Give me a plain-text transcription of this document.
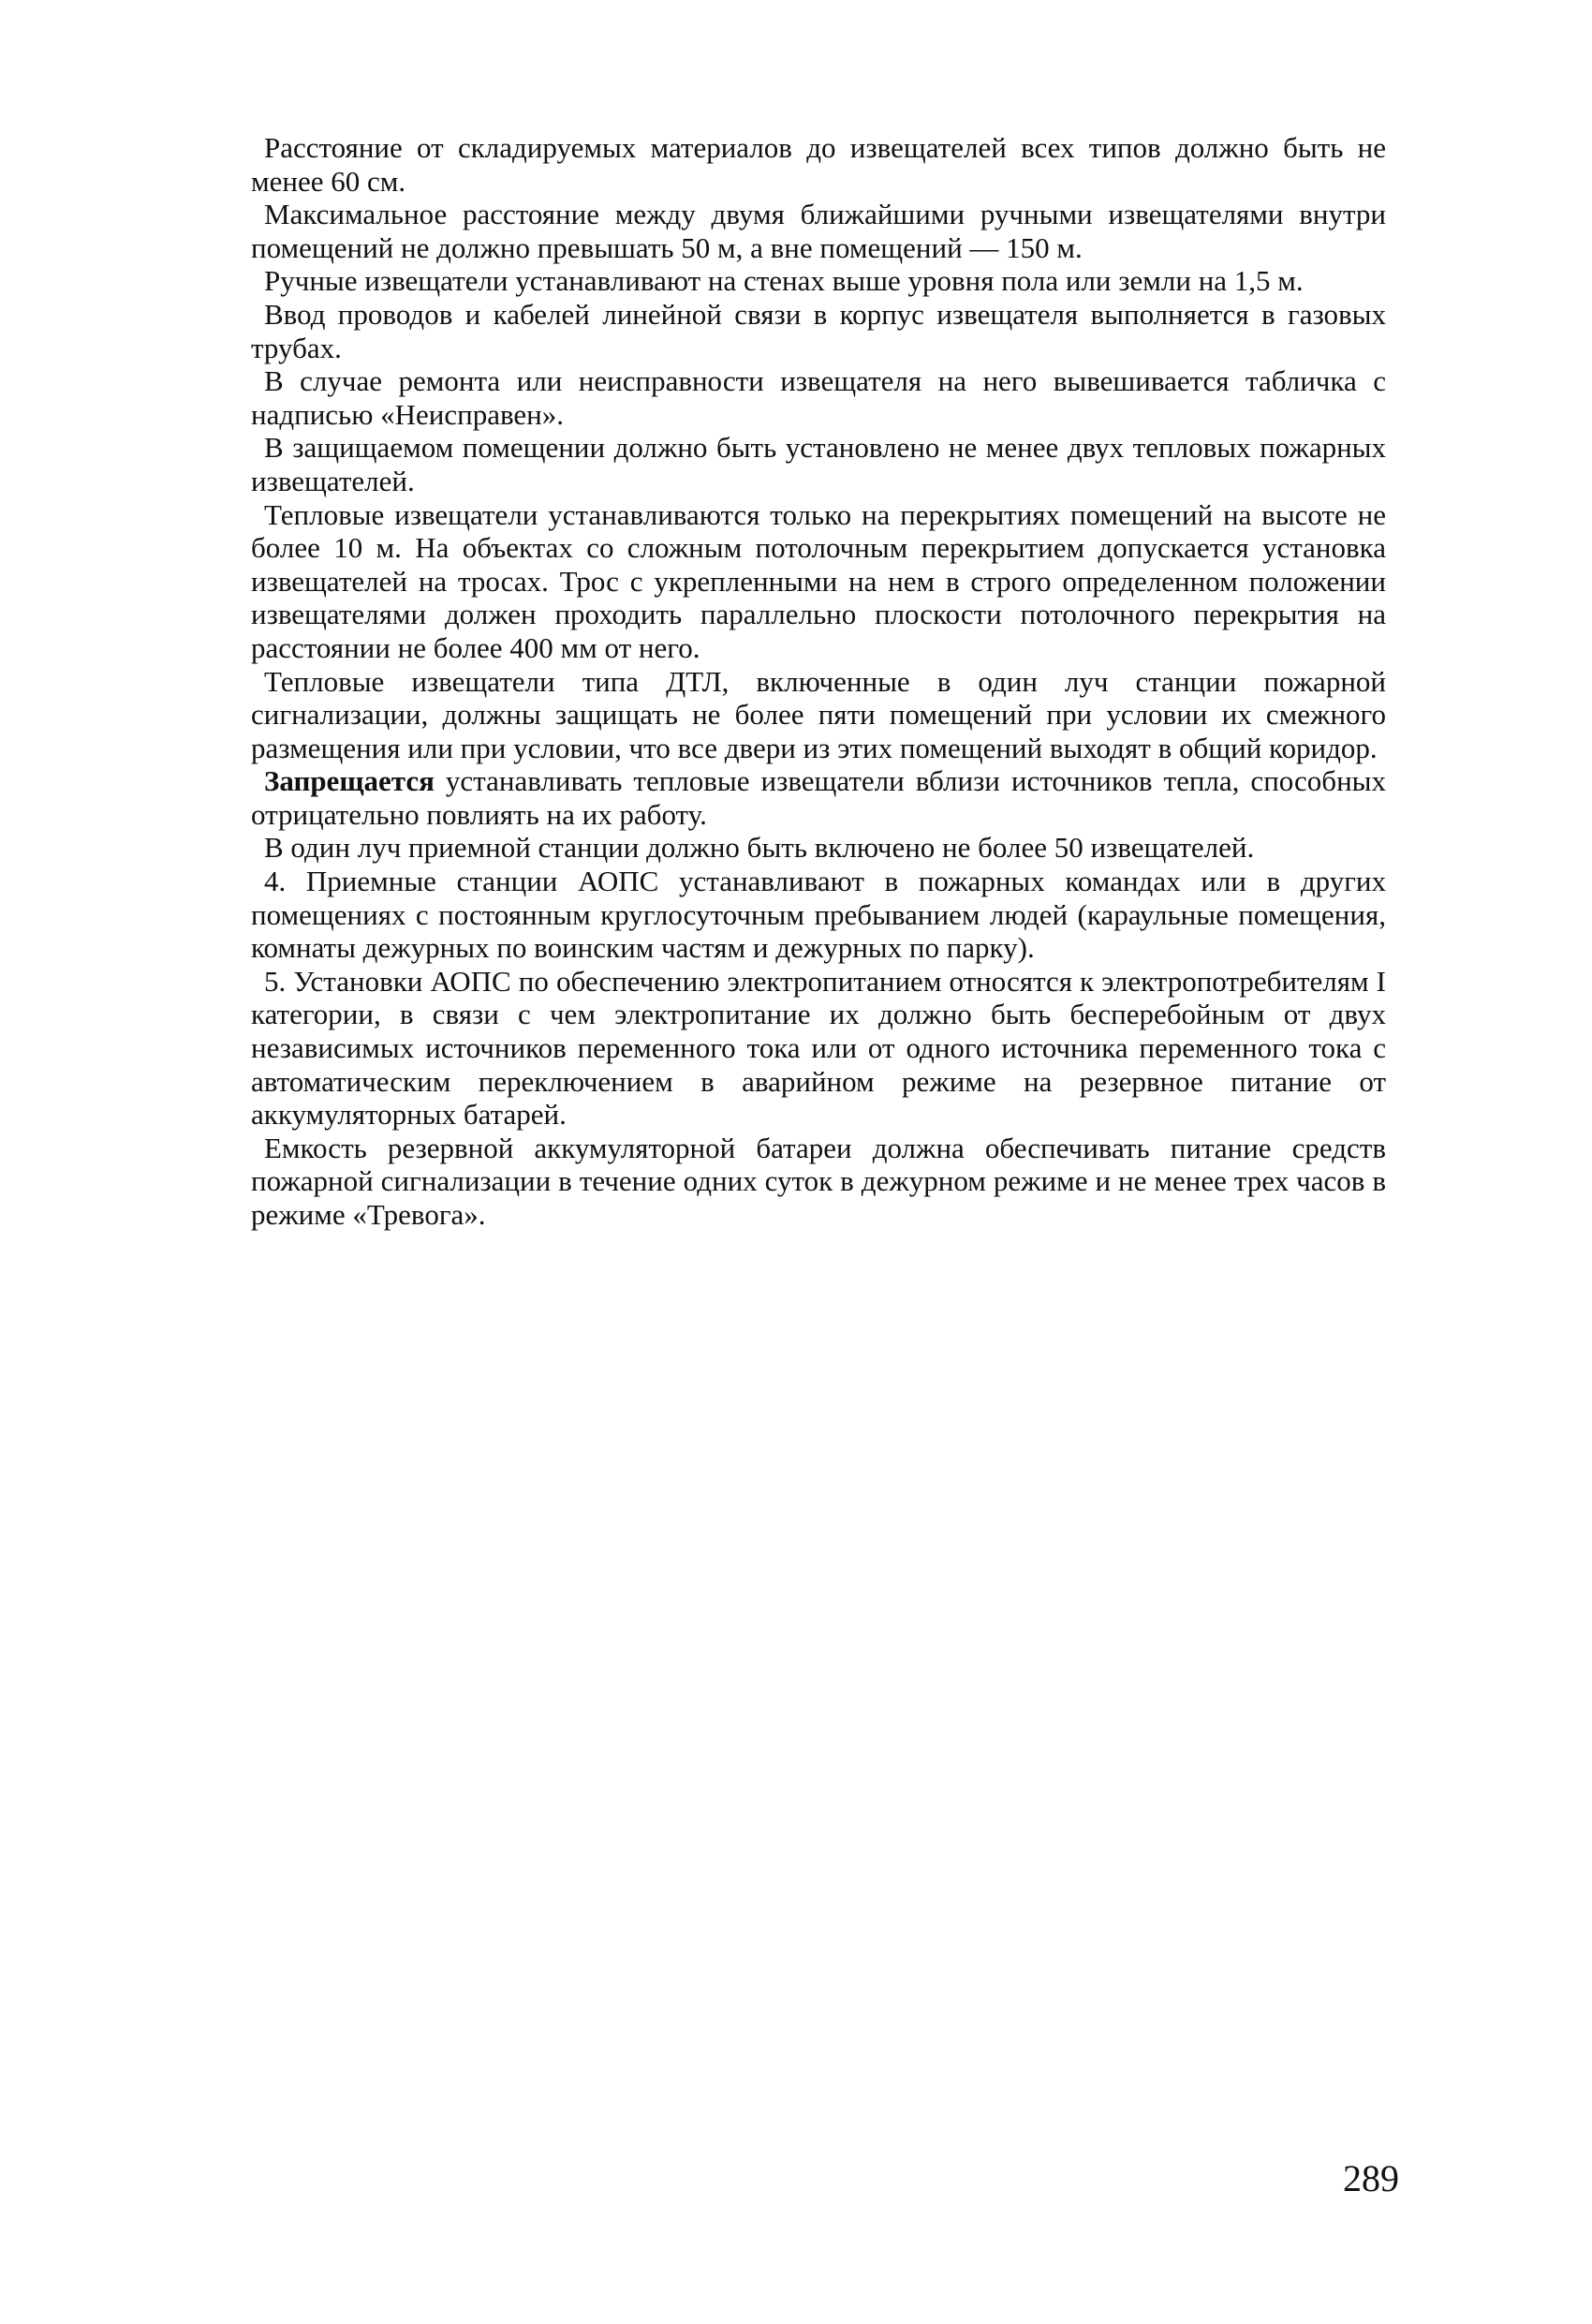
Расстояние от складируемых материалов до извещателей всех типов должно быть не менее 60 см.

Максимальное расстояние между двумя ближайшими ручными извещателями внутри помещений не должно превышать 50 м, а вне помещений — 150 м.

Ручные извещатели устанавливают на стенах выше уровня пола или земли на 1,5 м.

Ввод проводов и кабелей линейной связи в корпус извещателя выполняется в газовых трубах.

В случае ремонта или неисправности извещателя на него вывешивается табличка с надписью «Неисправен».

В защищаемом помещении должно быть установлено не менее двух тепловых пожарных извещателей.

Тепловые извещатели устанавливаются только на перекрытиях помещений на высоте не более 10 м. На объектах со сложным потолочным перекрытием допускается установка извещателей на тросах. Трос с укрепленными на нем в строго определенном положении извещателями должен проходить параллельно плоскости потолочного перекрытия на расстоянии не более 400 мм от него.

Тепловые извещатели типа ДТЛ, включенные в один луч станции пожарной сигнализации, должны защищать не более пяти помещений при условии их смежного размещения или при условии, что все двери из этих помещений выходят в общий коридор.

Запрещается устанавливать тепловые извещатели вблизи источников тепла, способных отрицательно повлиять на их работу.

В один луч приемной станции должно быть включено не более 50 извещателей.

4. Приемные станции АОПС устанавливают в пожарных командах или в других помещениях с постоянным круглосуточным пребыванием людей (караульные помещения, комнаты дежурных по воинским частям и дежурных по парку).

5. Установки АОПС по обеспечению электропитанием относятся к электропотребителям I категории, в связи с чем электропитание их должно быть бесперебойным от двух независимых источников переменного тока или от одного источника переменного тока с автоматическим переключением в аварийном режиме на резервное питание от аккумуляторных батарей.

Емкость резервной аккумуляторной батареи должна обеспечивать питание средств пожарной сигнализации в течение одних суток в дежурном режиме и не менее трех часов в режиме «Тревога».

289
